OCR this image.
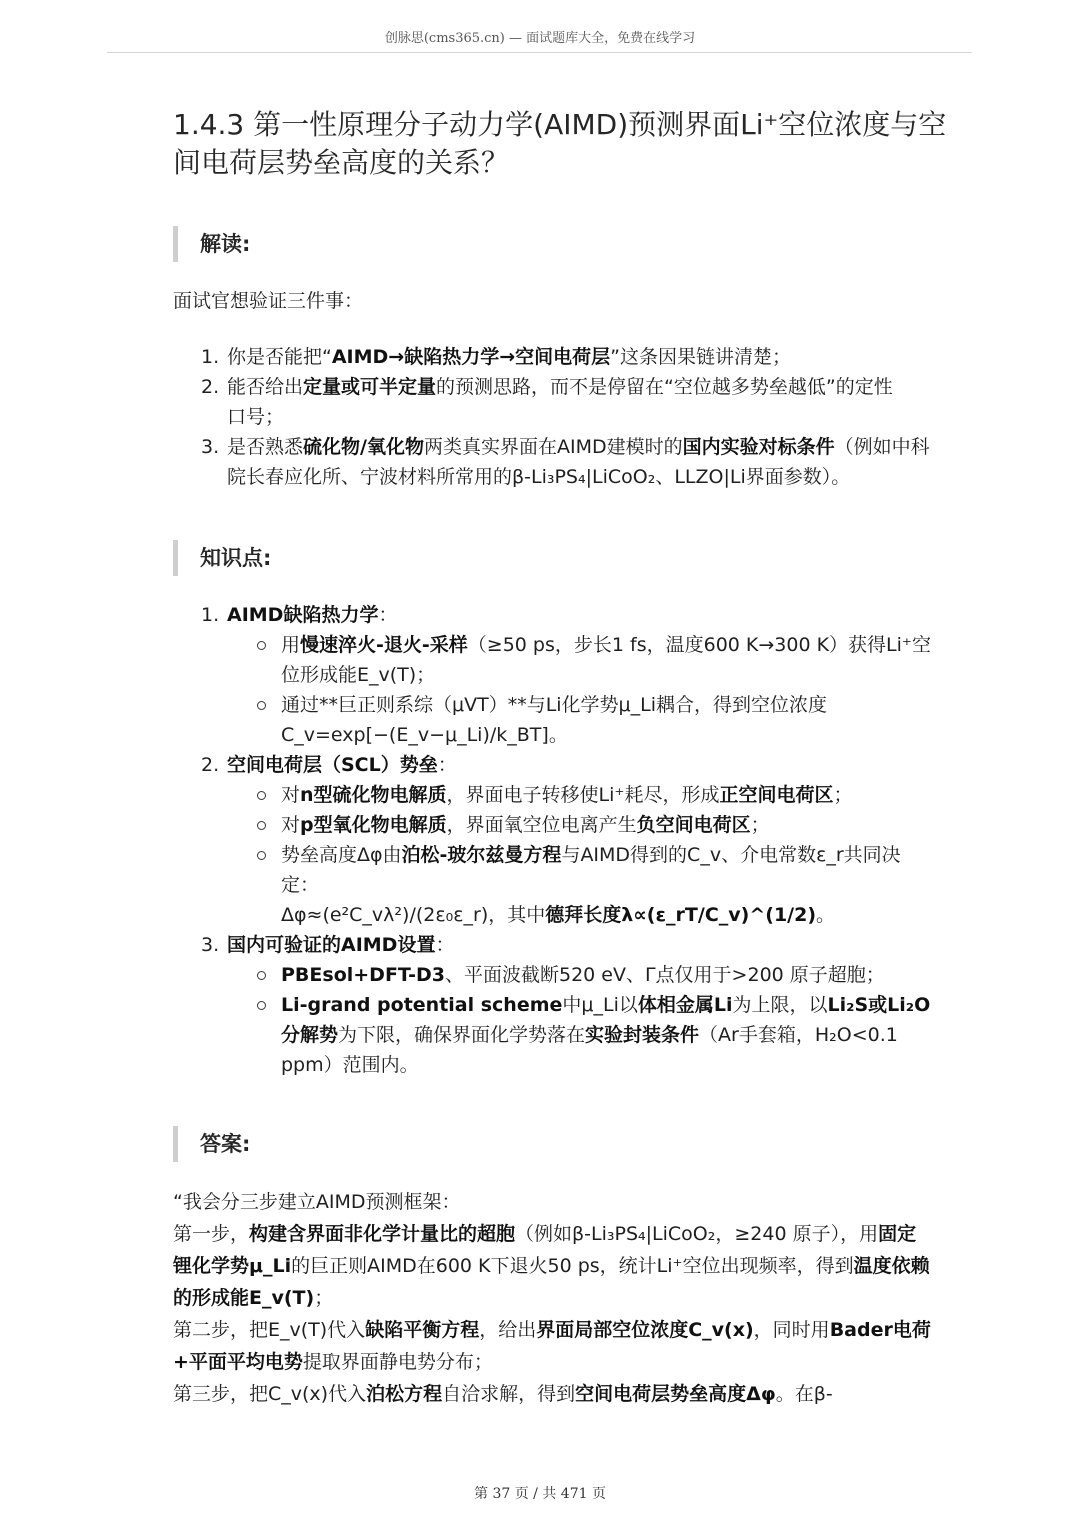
创脉思(cms365.cn) — 面试题库大全，免费在线学习
1.4.3 第一性原理分子动力学(AIMD)预测界面Li⁺空位浓度与空间电荷层势垒高度的关系？
解读:

面试官想验证三件事：

1. 你是否能把“AIMD→缺陷热力学→空间电荷层”这条因果链讲清楚；
2. 能否给出定量或可半定量的预测思路，而不是停留在“空位越多势垒越低”的定性口号；
3. 是否熟悉硫化物/氧化物两类真实界面在AIMD建模时的国内实验对标条件（例如中科院长春应化所、宁波材料所常用的β-Li₃PS₄|LiCoO₂、LLZO|Li界面参数）。
知识点:
1. AIMD缺陷热力学：
用慢速淬火-退火-采样（≥50 ps，步长1 fs，温度600 K→300 K）获得Li⁺空位形成能E_v(T)；
通过**巨正则系综（μVT）**与Li化学势μ_Li耦合，得到空位浓度C_v=exp[−(E_v−μ_Li)/k_BT]。
2. 空间电荷层（SCL）势垒：
对n型硫化物电解质，界面电子转移使Li⁺耗尽，形成正空间电荷区；
对p型氧化物电解质，界面氧空位电离产生负空间电荷区；
势垒高度Δφ由泊松-玻尔兹曼方程与AIMD得到的C_v、介电常数ε_r共同决定：
Δφ≈(e²C_vλ²)/(2ε₀ε_r)，其中德拜长度λ∝(ε_rT/C_v)^(1/2)。
3. 国内可验证的AIMD设置：
PBEsol+DFT-D3、平面波截断520 eV、Γ点仅用于>200 原子超胞；
Li-grand potential scheme中μ_Li以体相金属Li为上限，以Li₂S或Li₂O分解势为下限，确保界面化学势落在实验封装条件（Ar手套箱，H₂O<0.1 ppm）范围内。
答案:

“我会分三步建立AIMD预测框架：

第一步，构建含界面非化学计量比的超胞（例如β-Li₃PS₄|LiCoO₂，≥240 原子），用固定锂化学势μ_Li的巨正则AIMD在600 K下退火50 ps，统计Li⁺空位出现频率，得到温度依赖的形成能E_v(T)；

第二步，把E_v(T)代入缺陷平衡方程，给出界面局部空位浓度C_v(x)，同时用Bader电荷+平面平均电势提取界面静电势分布；

第三步，把C_v(x)代入泊松方程自洽求解，得到空间电荷层势垒高度Δφ。在β-

第 37 页 / 共 471 页
